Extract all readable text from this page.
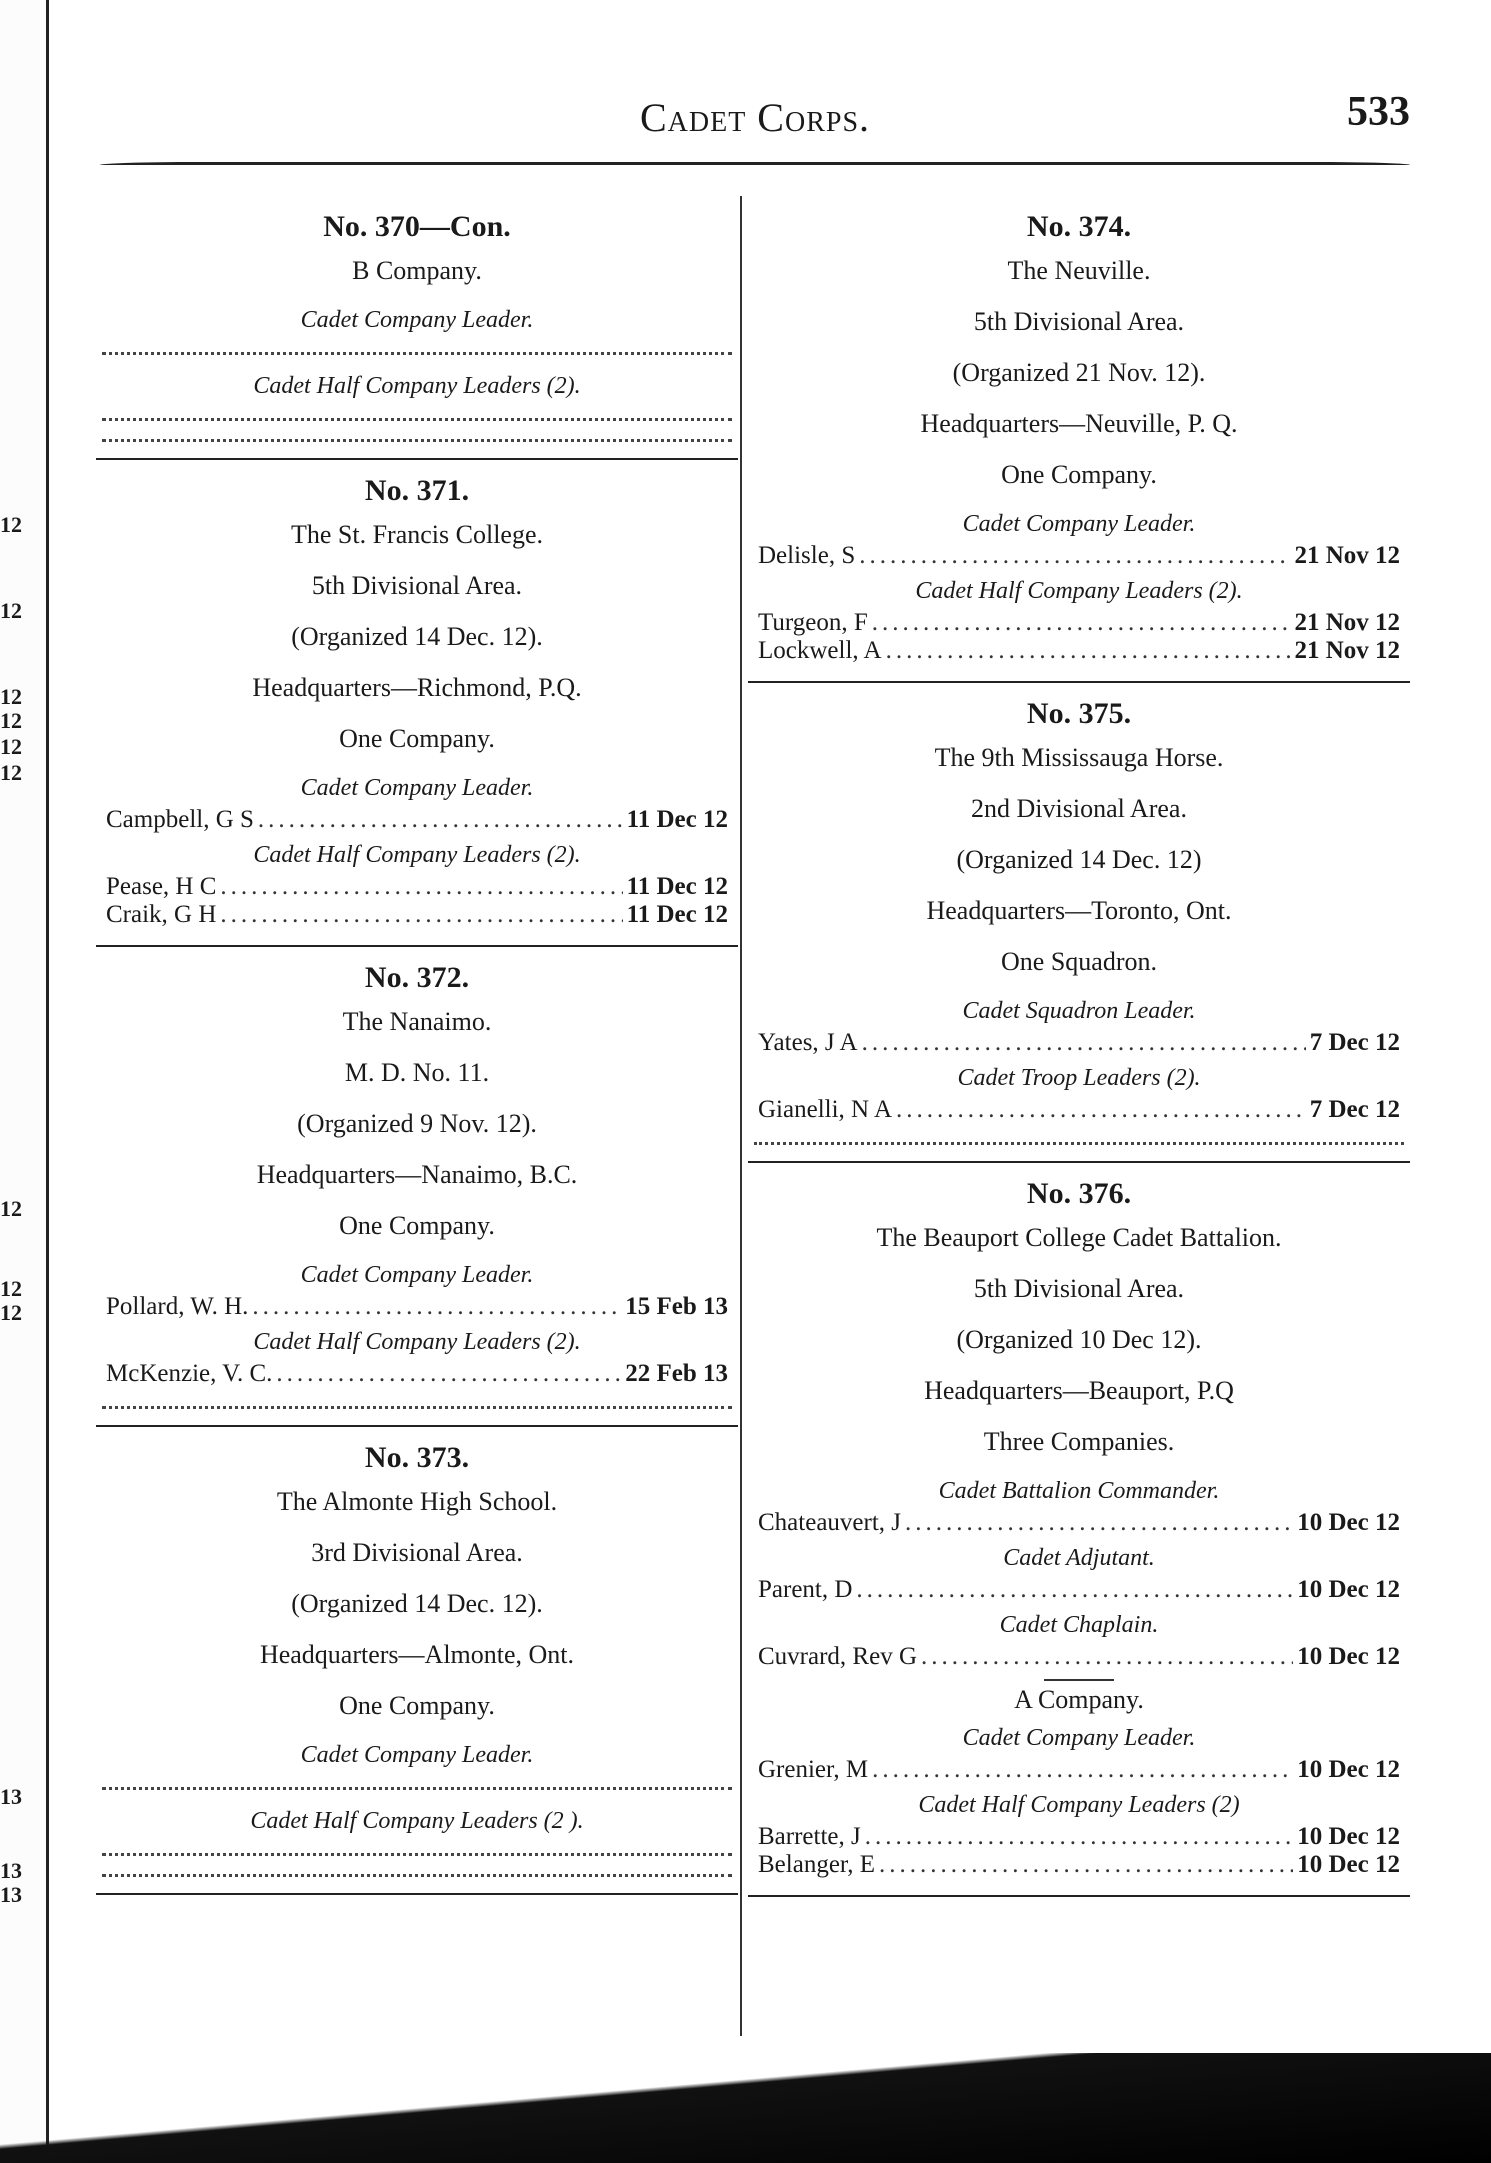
12
12
12
12
12
12
12
12
12
13
13
13
Cadet Corps.	533
No. 370—Con.
B Company.
Cadet Company Leader.
Cadet Half Company Leaders (2).
No. 371.
The St. Francis College.
5th Divisional Area.
(Organized 14 Dec. 12).
Headquarters—Richmond, P.Q.
One Company.
Cadet Company Leader.
Campbell, G S .....	11 Dec 12
Cadet Half Company Leaders (2).
Pease, H C .....	11 Dec 12
Craik, G H .....	11 Dec 12
No. 372.
The Nanaimo.
M. D. No. 11.
(Organized 9 Nov. 12).
Headquarters—Nanaimo, B.C.
One Company.
Cadet Company Leader.
Pollard, W. H. .....	15 Feb 13
Cadet Half Company Leaders (2).
McKenzie, V. C. .....	22 Feb 13
No. 373.
The Almonte High School.
3rd Divisional Area.
(Organized 14 Dec. 12).
Headquarters—Almonte, Ont.
One Company.
Cadet Company Leader.
Cadet Half Company Leaders (2 ).
No. 374.
The Neuville.
5th Divisional Area.
(Organized 21 Nov. 12).
Headquarters—Neuville, P. Q.
One Company.
Cadet Company Leader.
Delisle, S .....	21 Nov 12
Cadet Half Company Leaders (2).
Turgeon, F .....	21 Nov 12
Lockwell, A .....	21 Nov 12
No. 375.
The 9th Mississauga Horse.
2nd Divisional Area.
(Organized 14 Dec. 12)
Headquarters—Toronto, Ont.
One Squadron.
Cadet Squadron Leader.
Yates, J A .....	7 Dec 12
Cadet Troop Leaders (2).
Gianelli, N A .....	7 Dec 12
No. 376.
The Beauport College Cadet Battalion.
5th Divisional Area.
(Organized 10 Dec 12).
Headquarters—Beauport, P.Q
Three Companies.
Cadet Battalion Commander.
Chateauvert, J .....	10 Dec 12
Cadet Adjutant.
Parent, D .....	10 Dec 12
Cadet Chaplain.
Cuvrard, Rev G .....	10 Dec 12
A Company.
Cadet Company Leader.
Grenier, M .....	10 Dec 12
Cadet Half Company Leaders (2)
Barrette, J .....	10 Dec 12
Belanger, E .....	10 Dec 12
